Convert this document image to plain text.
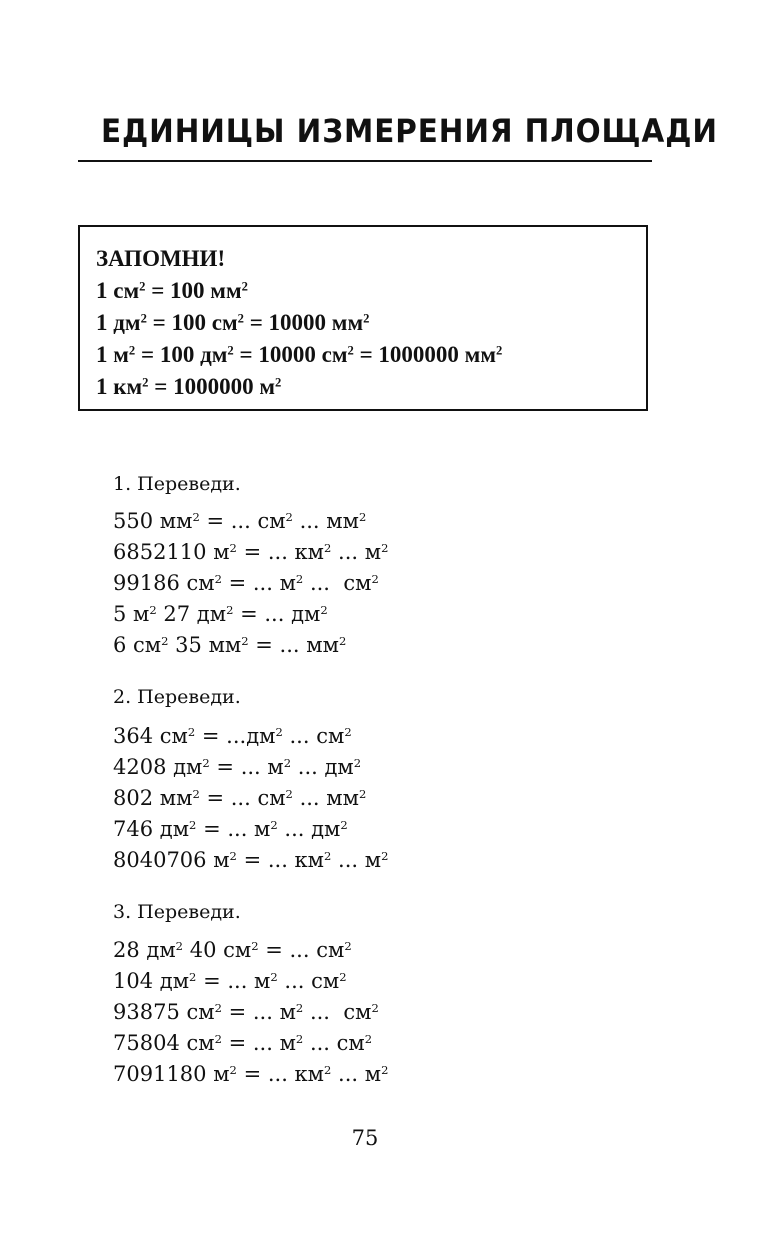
ЕДИНИЦЫ ИЗМЕРЕНИЯ ПЛОЩАДИ

ЗАПОМНИ!

1 $см^2 = 100$ $мм^2$

1 $дм^2 = 100$ $см^2 = 10000$ $мм^2$

1 $м^2 = 100$ $дм^2 = 10000$ $см^2 = 1000000$ $мм^2$

1 $км^2 = 1000000$ $м^2$

1. Переведи.

550 $мм^2$ = ... $см^2$ ... $мм^2$

6852110 $м^2$ = ... $км^2$ ... $м^2$

99186 $см^2$ = ... $м^2$ ...  $см^2$

5 $м^2$ 27 $дм^2$ = ... $дм^2$

6 $см^2$ 35 $мм^2$ = ... $мм^2$

2. Переведи.

364 $см^2 = ...дм^2$ ... $см^2$

4208 $дм^2$ = ... $м^2$ ... $дм^2$

802 $мм^2$ = ... $см^2$ ... $мм^2$

746 $дм^2$ = ... $м^2$ ... $дм^2$

8040706 $м^2$ = ... $км^2$ ... $м^2$

3. Переведи.

28 $дм^2$ 40 $см^2$ = ... $см^2$

104 $дм^2$ = ... $м^2$ ... $см^2$

93875 $см^2$ = ... $м^2$ ...  $см^2$

75804 $см^2$ = ... $м^2$ ... $см^2$

7091180 $м^2$ = ... $км^2$ ... $м^2$

75
